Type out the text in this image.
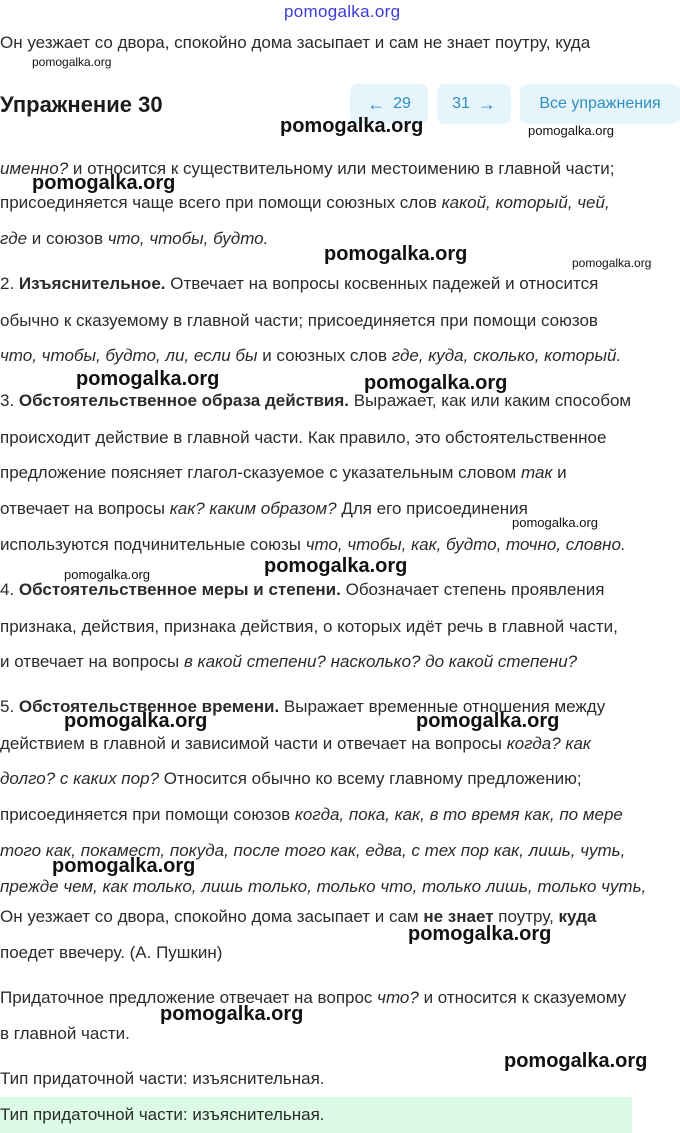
pomogalka.org
Он уезжает со двора, спокойно дома засыпает и сам не знает поутру, куда
pomogalka.org
Упражнение 30	← 29	31 →	Все упражнения
pomogalka.org	pomogalka.org
именно? и относится к существительному или местоимению в главной части;
pomogalka.org
присоединяется чаще всего при помощи союзных слов какой, который, чей,
где и союзов что, чтобы, будто.
pomogalka.org	pomogalka.org
2. Изъяснительное. Отвечает на вопросы косвенных падежей и относится
обычно к сказуемому в главной части; присоединяется при помощи союзов
что, чтобы, будто, ли, если бы и союзных слов где, куда, сколько, который.
pomogalka.org	pomogalka.org
3. Обстоятельственное образа действия. Выражает, как или каким способом
происходит действие в главной части. Как правило, это обстоятельственное
предложение поясняет глагол-сказуемое с указательным словом так и
отвечает на вопросы как? каким образом? Для его присоединения
pomogalka.org
используются подчинительные союзы что, чтобы, как, будто, точно, словно.
pomogalka.org
pomogalka.org
4. Обстоятельственное меры и степени. Обозначает степень проявления
признака, действия, признака действия, о которых идёт речь в главной части,
и отвечает на вопросы в какой степени? насколько? до какой степени?
5. Обстоятельственное времени. Выражает временные отношения между
pomogalka.org	pomogalka.org
действием в главной и зависимой части и отвечает на вопросы когда? как
долго? с каких пор? Относится обычно ко всему главному предложению;
присоединяется при помощи союзов когда, пока, как, в то время как, по мере
того как, покамест, покуда, после того как, едва, с тех пор как, лишь, чуть,
pomogalka.org
прежде чем, как только, лишь только, только что, только лишь, только чуть,
Он уезжает со двора, спокойно дома засыпает и сам не знает поутру, куда
pomogalka.org
поедет ввечеру. (А. Пушкин)
Придаточное предложение отвечает на вопрос что? и относится к сказуемому
pomogalka.org
в главной части.
pomogalka.org
Тип придаточной части: изъяснительная.
Тип придаточной части: изъяснительная.
